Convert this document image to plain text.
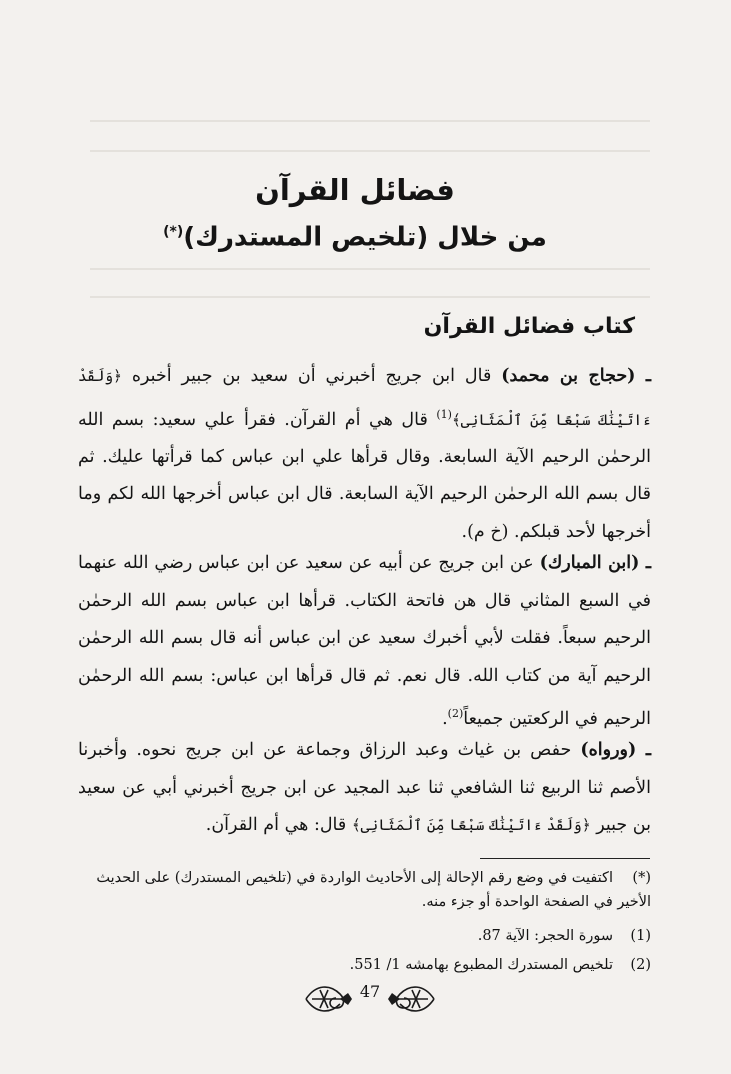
فضائل القرآن
من خلال (تلخيص المستدرك)(*)
كتاب فضائل القرآن
ـ (حجاج بن محمد) قال ابن جريج أخبرني أن سعيد بن جبير أخبره ﴿وَلَقَدْ ءَاتَيْنَٰكَ سَبْعًا مِّنَ ٱلْمَثَانِى﴾$^{(1)}$ قال هي أم القرآن. فقرأ علي سعيد: بسم الله الرحمٰن الرحيم الآية السابعة. وقال قرأها علي ابن عباس كما قرأتها عليك. ثم قال بسم الله الرحمٰن الرحيم الآية السابعة. قال ابن عباس أخرجها الله لكم وما أخرجها لأحد قبلكم. (خ م).
ـ (ابن المبارك) عن ابن جريج عن أبيه عن سعيد عن ابن عباس رضي الله عنهما في السبع المثاني قال هن فاتحة الكتاب. قرأها ابن عباس بسم الله الرحمٰن الرحيم سبعاً. فقلت لأبي أخبرك سعيد عن ابن عباس أنه قال بسم الله الرحمٰن الرحيم آية من كتاب الله. قال نعم. ثم قال قرأها ابن عباس: بسم الله الرحمٰن الرحيم في الركعتين جميعاً$^{(2)}$.
ـ (ورواه) حفص بن غياث وعبد الرزاق وجماعة عن ابن جريج نحوه. وأخبرنا الأصم ثنا الربيع ثنا الشافعي ثنا عبد المجيد عن ابن جريج أخبرني أبي عن سعيد بن جبير ﴿وَلَقَدْ ءَاتَيْنَٰكَ سَبْعًا مِّنَ ٱلْمَثَانِى﴾ قال: هي أم القرآن.
(*)اكتفيت في وضع رقم الإحالة إلى الأحاديث الواردة في (تلخيص المستدرك) على الحديث الأخير في الصفحة الواحدة أو جزء منه.
(1)سورة الحجر: الآية 87.
(2)تلخيص المستدرك المطبوع بهامشه 1/ 551.
47
